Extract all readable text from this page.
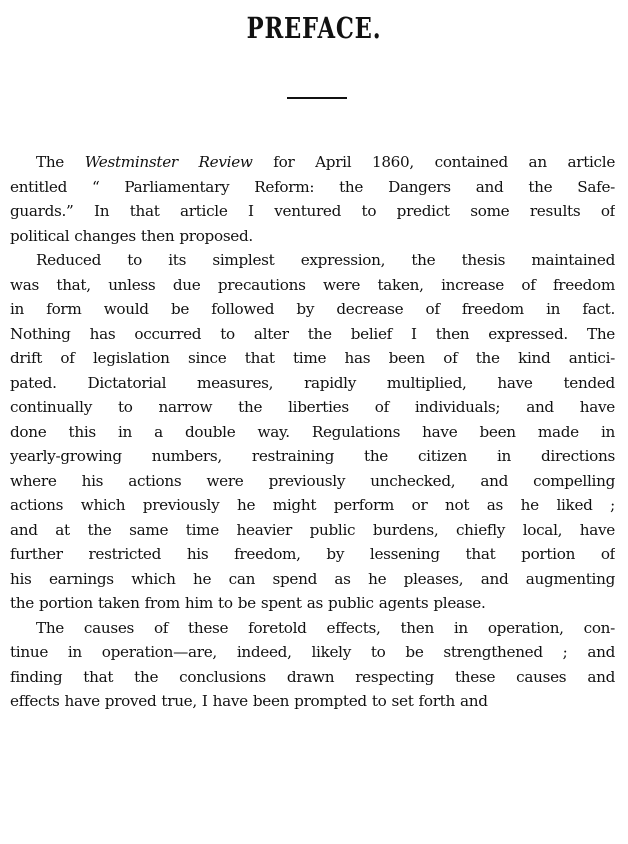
PREFACE.
The Westminster Review for April 1860, contained an article
entitled “ Parliamentary Reform: the Dangers and the Safe-
guards.” In that article I ventured to predict some results of
political changes then proposed.
Reduced to its simplest expression, the thesis maintained
was that, unless due precautions were taken, increase of freedom
in form would be followed by decrease of freedom in fact.
Nothing has occurred to alter the belief I then expressed. The
drift of legislation since that time has been of the kind antici-
pated. Dictatorial measures, rapidly multiplied, have tended
continually to narrow the liberties of individuals; and have
done this in a double way. Regulations have been made in
yearly-growing numbers, restraining the citizen in directions
where his actions were previously unchecked, and compelling
actions which previously he might perform or not as he liked ;
and at the same time heavier public burdens, chiefly local, have
further restricted his freedom, by lessening that portion of
his earnings which he can spend as he pleases, and augmenting
the portion taken from him to be spent as public agents please.
The causes of these foretold effects, then in operation, con-
tinue in operation—are, indeed, likely to be strengthened ; and
finding that the conclusions drawn respecting these causes and
effects have proved true, I have been prompted to set forth and
